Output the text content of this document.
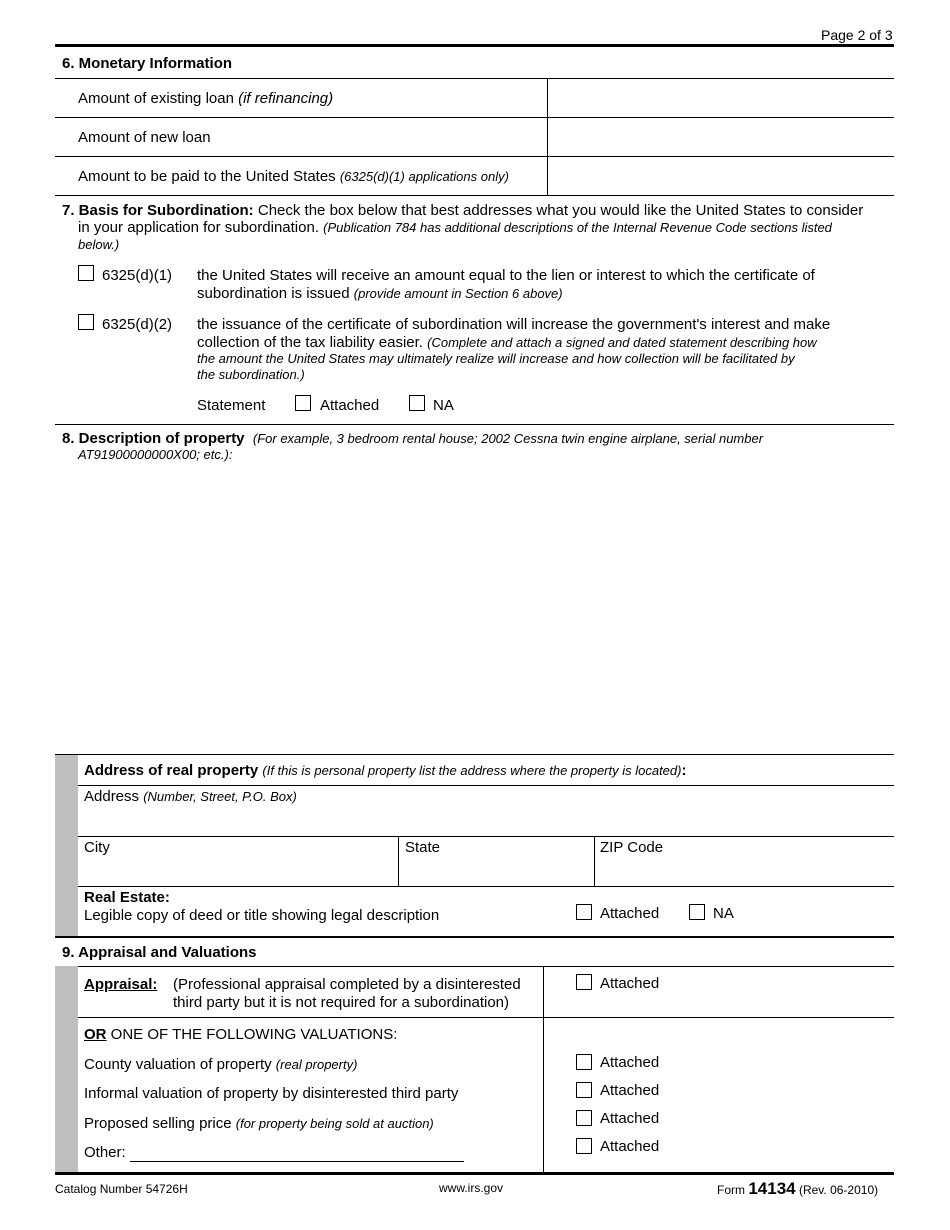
Page 2 of 3
6. Monetary Information
Amount of existing loan (if refinancing)
Amount of new loan
Amount to be paid to the United States (6325(d)(1) applications only)
7. Basis for Subordination: Check the box below that best addresses what you would like the United States to consider
in your application for subordination. (Publication 784 has additional descriptions of the Internal Revenue Code sections listed
below.)
6325(d)(1) the United States will receive an amount equal to the lien or interest to which the certificate of
subordination is issued (provide amount in Section 6 above)
6325(d)(2) the issuance of the certificate of subordination will increase the government's interest and make
collection of the tax liability easier. (Complete and attach a signed and dated statement describing how
the amount the United States may ultimately realize will increase and how collection will be facilitated by
the subordination.)
Statement	Attached	NA
8. Description of property (For example, 3 bedroom rental house; 2002 Cessna twin engine airplane, serial number
AT91900000000X00; etc.):
Address of real property (If this is personal property list the address where the property is located):
Address (Number, Street, P.O. Box)
City	State	ZIP Code
Real Estate:
Legible copy of deed or title showing legal description	Attached	NA
9. Appraisal and Valuations
Appraisal: (Professional appraisal completed by a disinterested
third party but it is not required for a subordination)
Attached
OR ONE OF THE FOLLOWING VALUATIONS:
County valuation of property (real property)	Attached
Informal valuation of property by disinterested third party	Attached
Proposed selling price (for property being sold at auction)	Attached
Other:	Attached
Catalog Number 54726H	www.irs.gov	Form 14134 (Rev. 06-2010)
